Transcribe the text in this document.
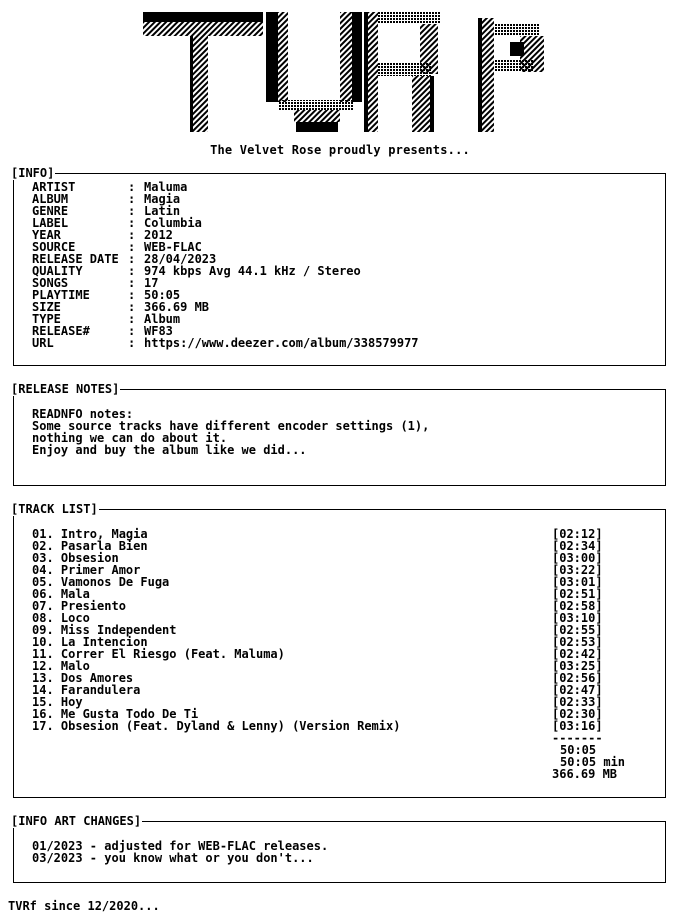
The Velvet Rose proudly presents...
[INFO]
ARTIST	: Maluma
ALBUM	: Magia
GENRE	: Latin
LABEL	: Columbia
YEAR	: 2012
SOURCE	: WEB-FLAC
RELEASE DATE : 28/04/2023
QUALITY	: 974 kbps Avg 44.1 kHz / Stereo
SONGS	: 17
PLAYTIME	: 50:05
SIZE	: 366.69 MB
TYPE	: Album
RELEASE#	: WF83
URL	: https://www.deezer.com/album/338579977
[RELEASE NOTES]
READNFO notes:
Some source tracks have different encoder settings (1),
nothing we can do about it.
Enjoy and buy the album like we did...
[TRACK LIST]
01. Intro, Magia	[02:12]
02. Pasarla Bien	[02:34]
03. Obsesion	[03:00]
04. Primer Amor	[03:22]
05. Vamonos De Fuga	[03:01]
06. Mala	[02:51]
07. Presiento	[02:58]
08. Loco	[03:10]
09. Miss Independent	[02:55]
10. La Intencion	[02:53]
11. Correr El Riesgo (Feat. Maluma)	[02:42]
12. Malo	[03:25]
13. Dos Amores	[02:56]
14. Farandulera	[02:47]
15. Hoy	[02:33]
16. Me Gusta Todo De Ti	[02:30]
17. Obsesion (Feat. Dyland & Lenny) (Version Remix)	[03:16]
-------
50:05
50:05 min
366.69 MB
[INFO ART CHANGES]
01/2023 - adjusted for WEB-FLAC releases.
03/2023 - you know what or you don't...
TVRf since 12/2020...
